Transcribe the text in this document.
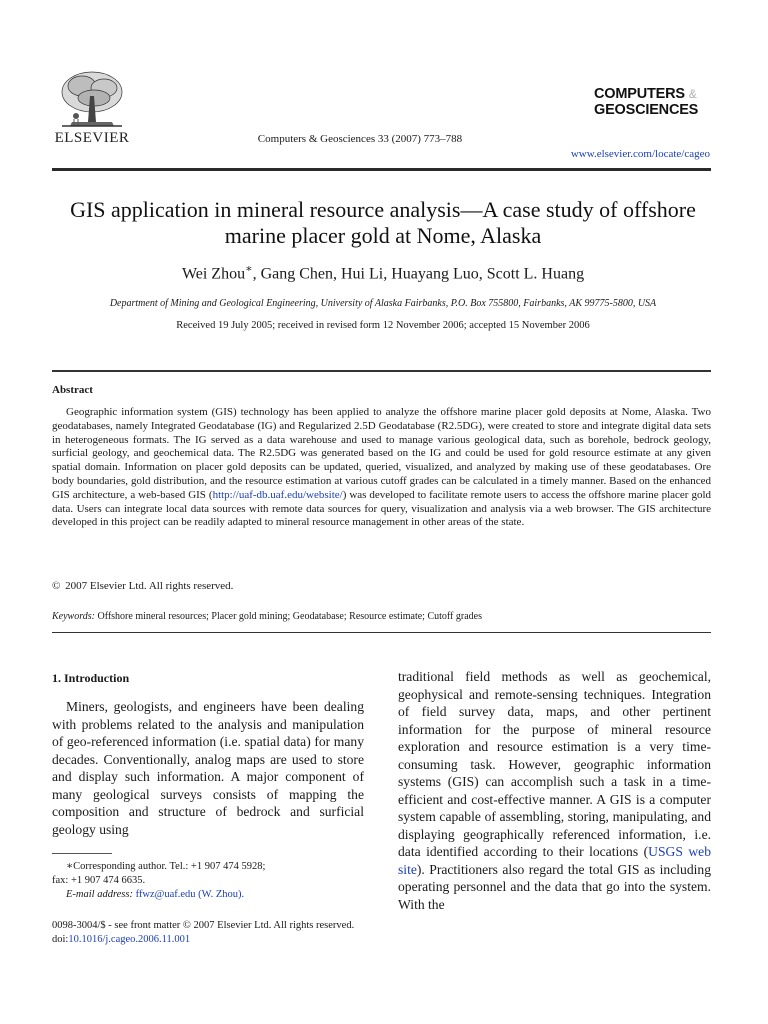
ELSEVIER	Computers & Geosciences 33 (2007) 773–788
COMPUTERS &
GEOSCIENCES
www.elsevier.com/locate/cageo
GIS application in mineral resource analysis—A case study of offshore marine placer gold at Nome, Alaska
Wei Zhou∗, Gang Chen, Hui Li, Huayang Luo, Scott L. Huang
Department of Mining and Geological Engineering, University of Alaska Fairbanks, P.O. Box 755800, Fairbanks, AK 99775-5800, USA
Received 19 July 2005; received in revised form 12 November 2006; accepted 15 November 2006
Abstract
Geographic information system (GIS) technology has been applied to analyze the offshore marine placer gold deposits at Nome, Alaska. Two geodatabases, namely Integrated Geodatabase (IG) and Regularized 2.5D Geodatabase (R2.5DG), were created to store and integrate digital data sets in heterogeneous formats. The IG served as a data warehouse and used to manage various geological data, such as borehole, bedrock geology, surficial geology, and geochemical data. The R2.5DG was generated based on the IG and could be used for gold resource estimate at any given spatial domain. Information on placer gold deposits can be updated, queried, visualized, and analyzed by making use of these geodatabases. Ore body boundaries, gold distribution, and the resource estimation at various cutoff grades can be calculated in a timely manner. Based on the enhanced GIS architecture, a web-based GIS (http://uaf-db.uaf.edu/website/) was developed to facilitate remote users to access the offshore marine placer gold data. Users can integrate local data sources with remote data sources for query, visualization and analysis via a web browser. The GIS architecture developed in this project can be readily adapted to mineral resource management in other areas of the state.
© 2007 Elsevier Ltd. All rights reserved.
Keywords: Offshore mineral resources; Placer gold mining; Geodatabase; Resource estimate; Cutoff grades
1. Introduction
Miners, geologists, and engineers have been dealing with problems related to the analysis and manipulation of geo-referenced information (i.e. spatial data) for many decades. Conventionally, analog maps are used to store and display such information. A major component of many geological surveys consists of mapping the composition and structure of bedrock and surficial geology using
traditional field methods as well as geochemical, geophysical and remote-sensing techniques. Integration of field survey data, maps, and other pertinent information for the purpose of mineral resource exploration and resource estimation is a very time-consuming task. However, geographic information systems (GIS) can accomplish such a task in a time-efficient and cost-effective manner. A GIS is a computer system capable of assembling, storing, manipulating, and displaying geographically referenced information, i.e. data identified according to their locations (USGS web site). Practitioners also regard the total GIS as including operating personnel and the data that go into the system. With the
∗Corresponding author. Tel.: +1 907 474 5928;
fax: +1 907 474 6635.
E-mail address: ffwz@uaf.edu (W. Zhou).
0098-3004/$ - see front matter © 2007 Elsevier Ltd. All rights reserved.
doi:10.1016/j.cageo.2006.11.001
